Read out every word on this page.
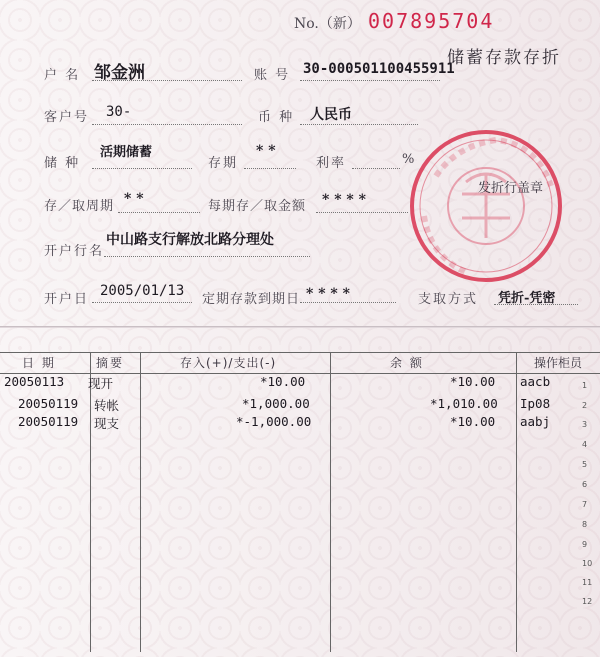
No.（新） 007895704
储蓄存款存折
户 名 邹金洲	账 号 30-000501100455911
客户号 30-	币 种 人民币
储 种
活期储蓄
存期
* *
利率	%
存／取周期 * *	每期存／取金额 * * * *
开户行名
中山路支行解放北路分理处
开户日
2005/01/13
定期存款到期日 * * * *	支取方式 凭折-凭密
发折行盖章
日 期	摘要	存入(+)/支出(-)	余 额	操作柜员
20050113 现开	*10.00	*10.00 aacb
20050119 转帐	*1,000.00	*1,010.00 Ip08
20050119 现支	*-1,000.00	*10.00 aabj
1
2
3
4
5
6
7
8
9
10
11
12
